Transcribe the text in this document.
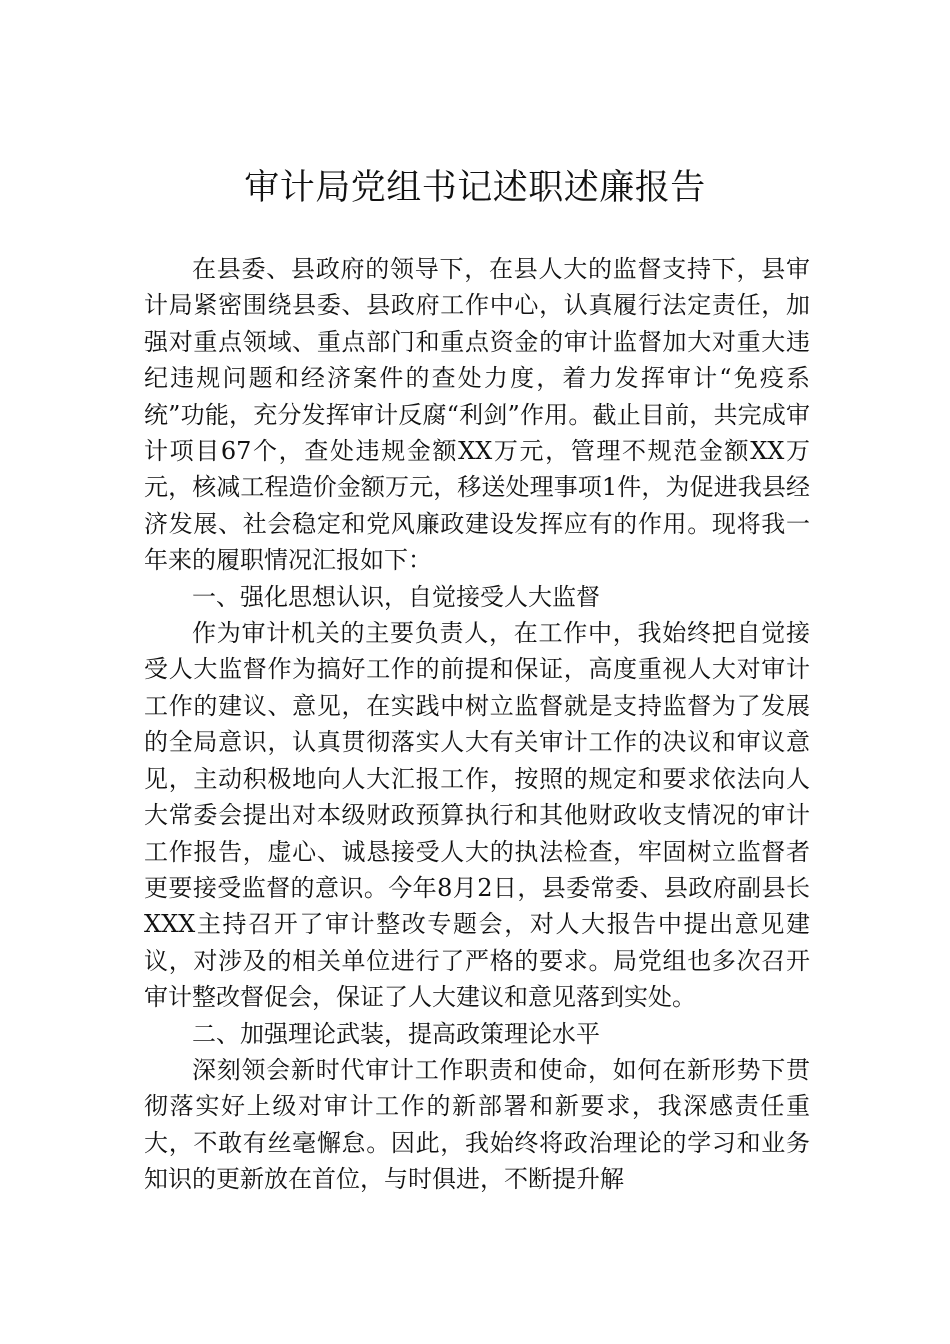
审计局党组书记述职述廉报告

在县委、县政府的领导下，在县人大的监督支持下，县审计局紧密围绕县委、县政府工作中心，认真履行法定责任，加强对重点领域、重点部门和重点资金的审计监督加大对重大违纪违规问题和经济案件的查处力度，着力发挥审计“免疫系统”功能，充分发挥审计反腐“利剑”作用。截止目前，共完成审计项目67个，查处违规金额XX万元，管理不规范金额XX万元，核减工程造价金额万元，移送处理事项1件，为促进我县经济发展、社会稳定和党风廉政建设发挥应有的作用。现将我一年来的履职情况汇报如下：

一、强化思想认识，自觉接受人大监督

作为审计机关的主要负责人，在工作中，我始终把自觉接受人大监督作为搞好工作的前提和保证，高度重视人大对审计工作的建议、意见，在实践中树立监督就是支持监督为了发展的全局意识，认真贯彻落实人大有关审计工作的决议和审议意见，主动积极地向人大汇报工作，按照的规定和要求依法向人大常委会提出对本级财政预算执行和其他财政收支情况的审计工作报告，虚心、诚恳接受人大的执法检查，牢固树立监督者更要接受监督的意识。今年8月2日，县委常委、县政府副县长XXX主持召开了审计整改专题会，对人大报告中提出意见建议，对涉及的相关单位进行了严格的要求。局党组也多次召开审计整改督促会，保证了人大建议和意见落到实处。

二、加强理论武装，提高政策理论水平

深刻领会新时代审计工作职责和使命，如何在新形势下贯彻落实好上级对审计工作的新部署和新要求，我深感责任重大，不敢有丝毫懈怠。因此，我始终将政治理论的学习和业务知识的更新放在首位，与时俱进，不断提升解
